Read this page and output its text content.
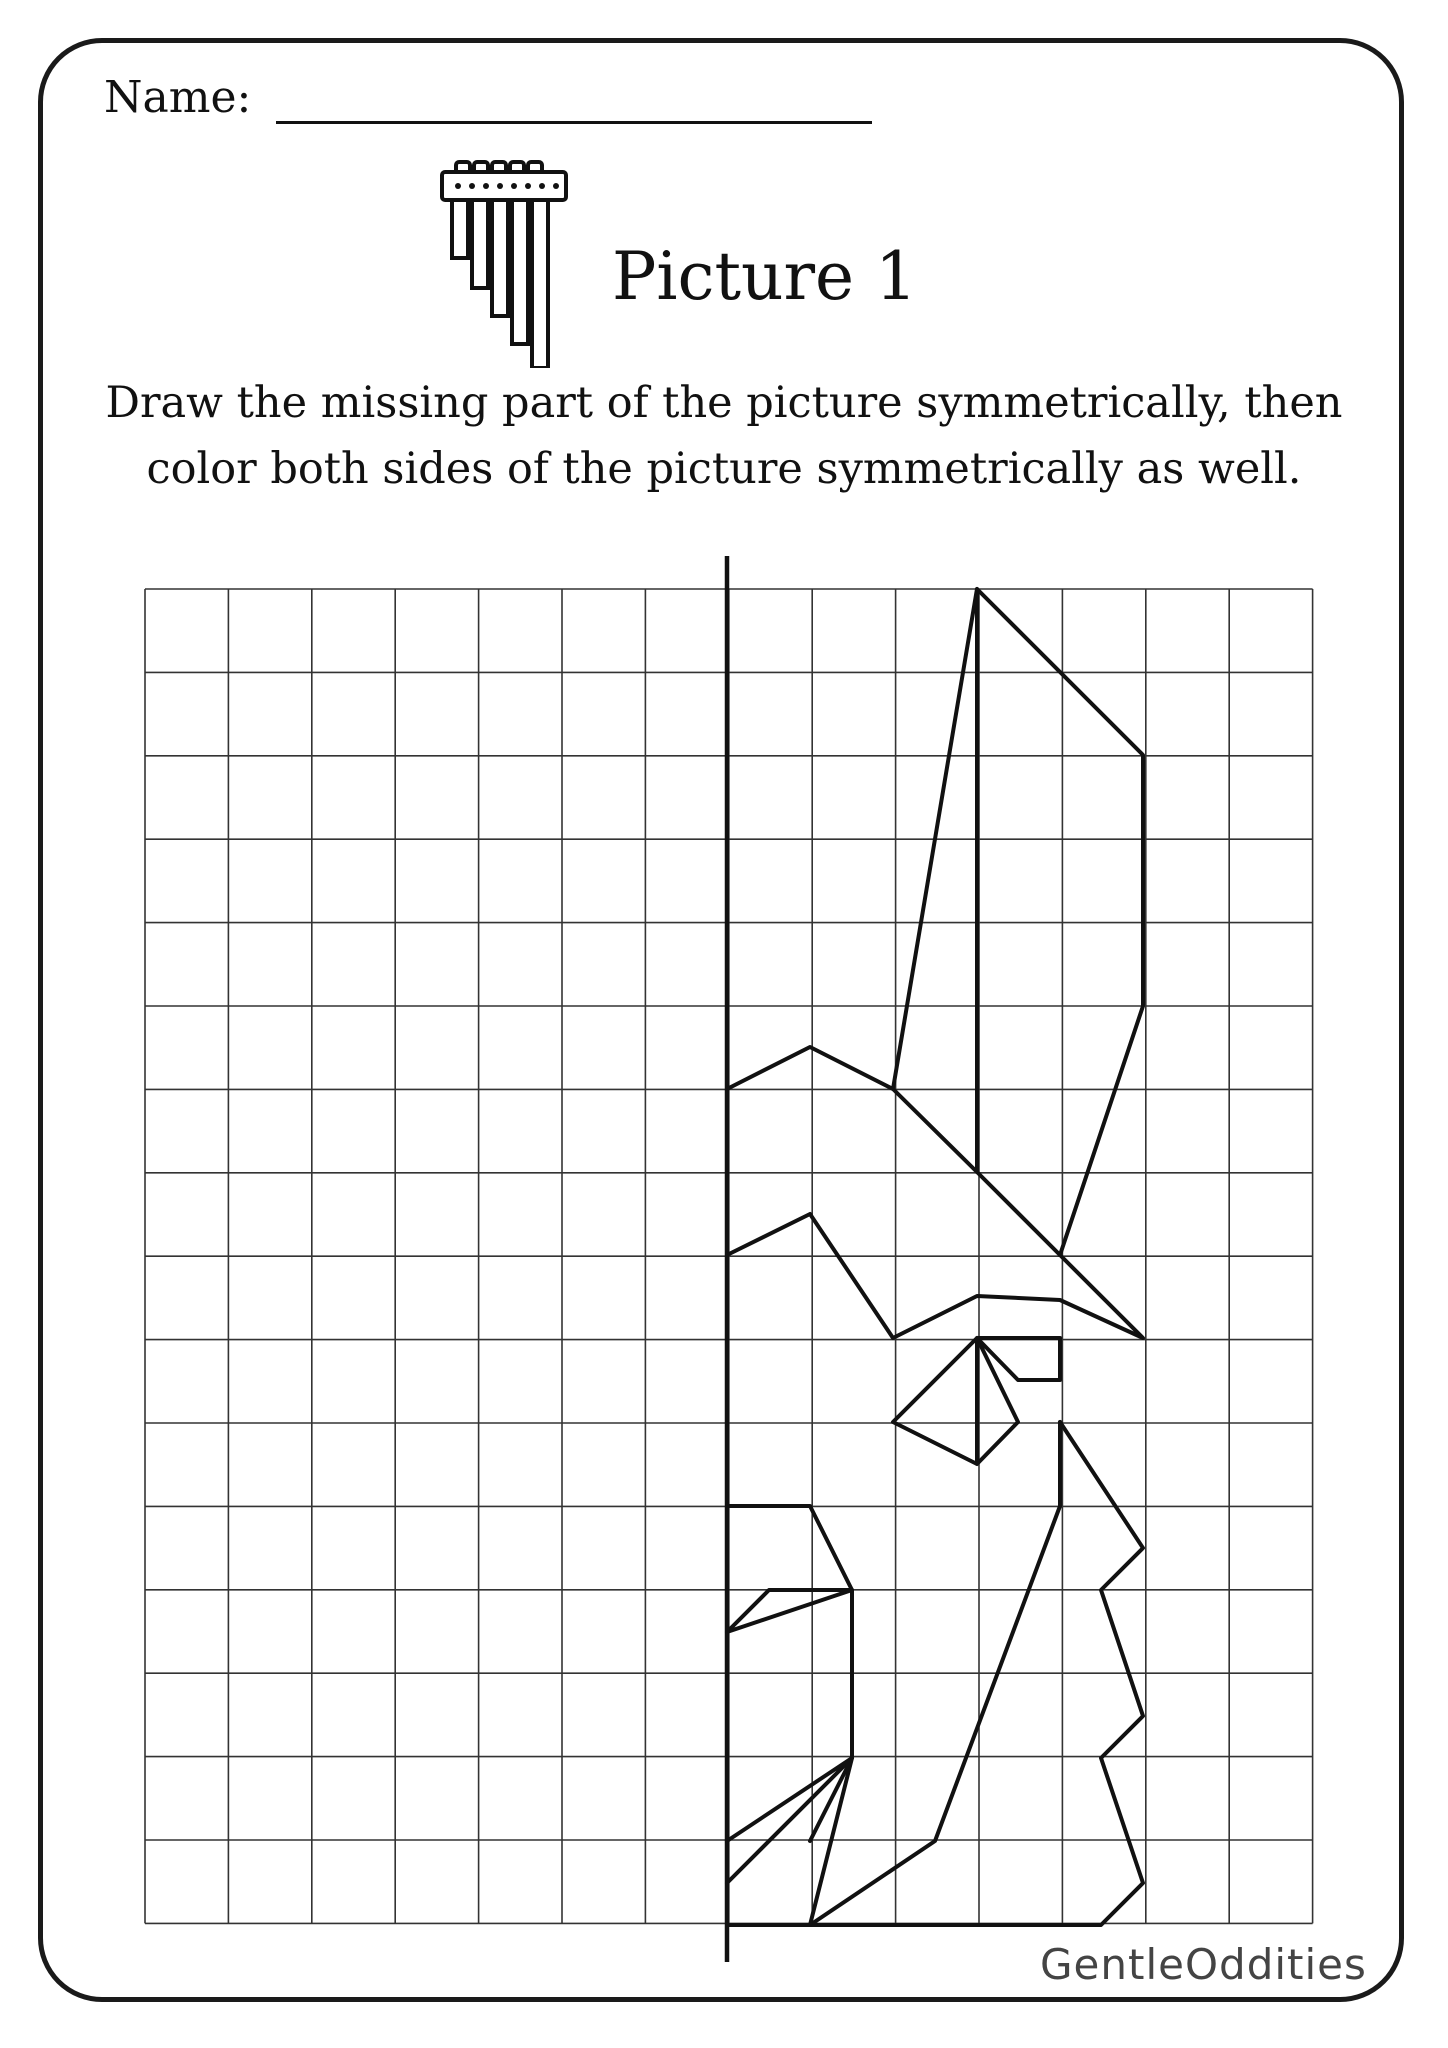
Name:
Picture 1
Draw the missing part of the picture symmetrically, then
color both sides of the picture symmetrically as well.
GentleOddities
